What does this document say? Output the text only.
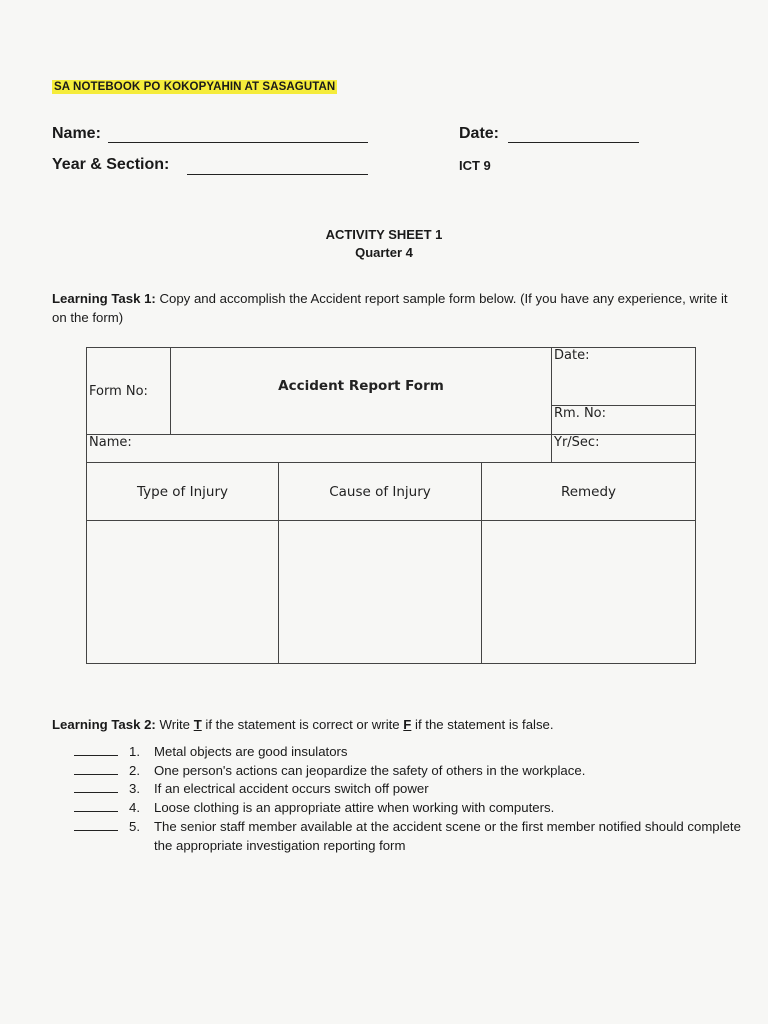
SA NOTEBOOK PO KOKOPYAHIN AT SASAGUTAN
Name:	Date:
Year & Section:	ICT 9
ACTIVITY SHEET 1
Quarter 4
Learning Task 1: Copy and accomplish the Accident report sample form below. (If you have any experience, write it on the form)
Form No:	Accident Report Form			Date:
				Rm. No:
Name:				Yr/Sec:
Type of Injury		Cause of Injury	Remedy	

Learning Task 2: Write T if the statement is correct or write F if the statement is false.
1. Metal objects are good insulators
2. One person's actions can jeopardize the safety of others in the workplace.
3. If an electrical accident occurs switch off power
4. Loose clothing is an appropriate attire when working with computers.
5. The senior staff member available at the accident scene or the first member notified should complete the appropriate investigation reporting form
